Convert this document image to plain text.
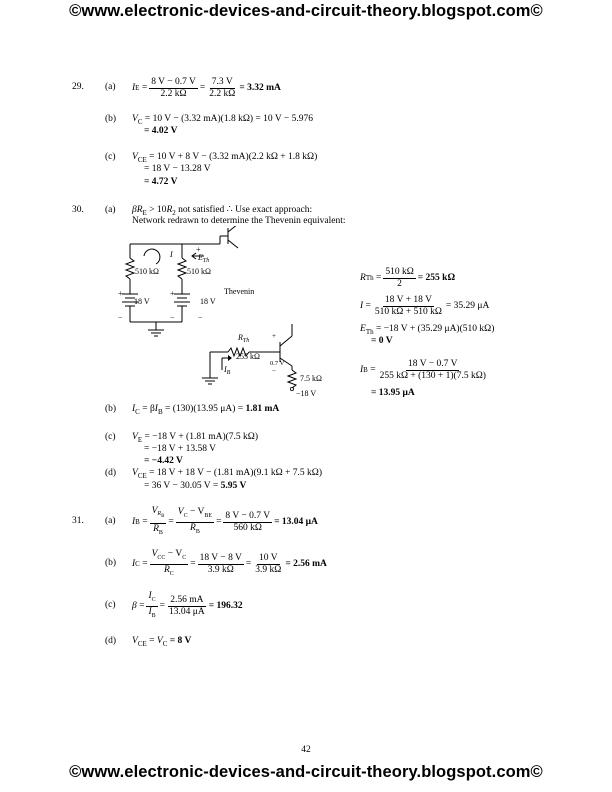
©www.electronic-devices-and-circuit-theory.blogspot.com©
29. (a) I E
= $\frac{8 V - 0.7 V}{2.2 k\Omega} = \frac{7.3 V}{2.2 k\Omega} = 3.32$ mA
(b) $V_C = 10$ V − (3.32 mA)(1.8 kΩ) = 10 V − 5.976
= 4.02 V
(c) $V_{CE} = 10$ V + 8 V − (3.32 mA)(2.2 kΩ + 1.8 kΩ)
= 18 V − 13.28 V
= 4.72 V
30. (a) $\beta R_E > 10R_2$ not satisfied ∴ Use exact approach:
Network redrawn to determine the Thevenin equivalent:
510 kΩ	510 kΩ
I	$E_{Th}$
Thevenin
18 V	18 V
+	+
+
−	−	−
$R_{Th}$
255 kΩ
$I_B$
+
0.7 V
−
7.5 kΩ
−18 V
R $Th = \frac{510 k\Omega}{2} = 255$ kΩ
$I = \frac{18 V + 18 V}{510 k\Omega + 510 k\Omega} = 35.29$ μA
$E_{Th} = -18$ V + (35.29 μA)(510 kΩ)
= 0 V
I B =
18 V − 0.7 V
255 kΩ + (130 + 1)(7.5 kΩ)
= 13.95 μA
(b) $I_C = \beta I_B = (130)(13.95$ μA) = 1.81 mA
(c) $V_E = -18$ V + (1.81 mA)(7.5 kΩ)
= −18 V + 13.58 V
= −4.42 V
(d) $V_{CE} = 18$ V + 18 V − (1.81 mA)(9.1 kΩ + 7.5 kΩ)
= 36 V − 30.05 V = 5.95 V
31. (a) I B =
$V_{R_B}$
$R_B$
=
$V_C - V_{BE}$
$R_B$
= $\frac{8 V - 0.7 V}{560 k\Omega} = 13.04$ μA
(b) I C =
$V_{CC} - V_C$
$R_C$
=
18 V − 8 V
3.9 kΩ
= $\frac{10 V}{3.9 k\Omega} = 2.56$ mA
(c) β =
$I_C$
$I_B$
= $\frac{2.56 mA}{13.04 \mu A} = 196.32$
(d) $V_{CE} = V_C = 8$ V
42
©www.electronic-devices-and-circuit-theory.blogspot.com©
